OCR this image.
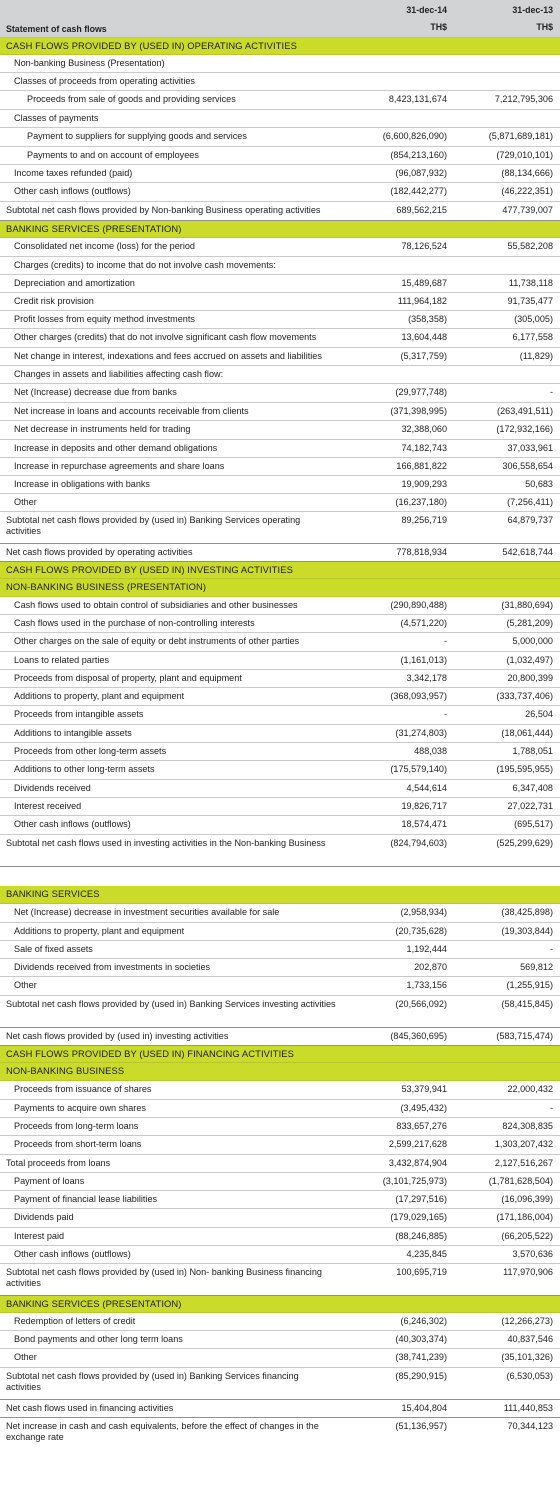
Statement of cash flows
31-dec-14	31-dec-13
TH$	TH$
CASH FLOWS PROVIDED BY (USED IN) OPERATING ACTIVITIES
Non-banking Business (Presentation)
Classes of proceeds from operating activities
Proceeds from sale of goods and providing services	8,423,131,674	7,212,795,306
Classes of payments
Payment to suppliers for supplying goods and services	(6,600,826,090)	(5,871,689,181)
Payments to and on account of employees	(854,213,160)	(729,010,101)
Income taxes refunded (paid)	(96,087,932)	(88,134,666)
Other cash inflows (outflows)	(182,442,277)	(46,222,351)
Subtotal net cash flows provided by Non-banking Business operating activities	689,562,215	477,739,007
BANKING SERVICES (PRESENTATION)
Consolidated net income (loss) for the period	78,126,524	55,582,208
Charges (credits) to income that do not involve cash movements:
Depreciation and amortization	15,489,687	11,738,118
Credit risk provision	111,964,182	91,735,477
Profit losses from equity method investments	(358,358)	(305,005)
Other charges (credits) that do not involve significant cash flow movements	13,604,448	6,177,558
Net change in interest, indexations and fees accrued on assets and liabilities	(5,317,759)	(11,829)
Changes in assets and liabilities affecting cash flow:
Net (Increase) decrease due from banks	(29,977,748)	-
Net increase in loans and accounts receivable from clients	(371,398,995)	(263,491,511)
Net decrease in instruments held for trading	32,388,060	(172,932,166)
Increase in deposits and other demand obligations	74,182,743	37,033,961
Increase in repurchase agreements and share loans	166,881,822	306,558,654
Increase in obligations with banks	19,909,293	50,683
Other	(16,237,180)	(7,256,411)
Subtotal net cash flows provided by (used in) Banking Services operating activities
89,256,719	64,879,737
Net cash flows provided by operating activities	778,818,934	542,618,744
CASH FLOWS PROVIDED BY (USED IN) INVESTING ACTIVITIES
NON-BANKING BUSINESS (PRESENTATION)
Cash flows used to obtain control of subsidiaries and other businesses	(290,890,488)	(31,880,694)
Cash flows used in the purchase of non-controlling interests	(4,571,220)	(5,281,209)
Other charges on the sale of equity or debt instruments of other parties	-	5,000,000
Loans to related parties	(1,161,013)	(1,032,497)
Proceeds from disposal of property, plant and equipment	3,342,178	20,800,399
Additions to property, plant and equipment	(368,093,957)	(333,737,406)
Proceeds from intangible assets	-	26,504
Additions to intangible assets	(31,274,803)	(18,061,444)
Proceeds from other long-term assets	488,038	1,788,051
Additions to other long-term assets	(175,579,140)	(195,595,955)
Dividends received	4,544,614	6,347,408
Interest received	19,826,717	27,022,731
Other cash inflows (outflows)	18,574,471	(695,517)
Subtotal net cash flows used in investing activities in the Non-banking Business	(824,794,603)	(525,299,629)
BANKING SERVICES
Net (Increase) decrease in investment securities available for sale	(2,958,934)	(38,425,898)
Additions to property, plant and equipment	(20,735,628)	(19,303,844)
Sale of fixed assets	1,192,444	-
Dividends received from investments in societies	202,870	569,812
Other	1,733,156	(1,255,915)
Subtotal net cash flows provided by (used in) Banking Services investing activities	(20,566,092)	(58,415,845)
Net cash flows provided by (used in) investing activities	(845,360,695)	(583,715,474)
CASH FLOWS PROVIDED BY (USED IN) FINANCING ACTIVITIES
NON-BANKING BUSINESS
Proceeds from issuance of shares	53,379,941	22,000,432
Payments to acquire own shares	(3,495,432)	-
Proceeds from long-term loans	833,657,276	824,308,835
Proceeds from short-term loans	2,599,217,628	1,303,207,432
Total proceeds from loans	3,432,874,904	2,127,516,267
Payment of loans	(3,101,725,973)	(1,781,628,504)
Payment of financial lease liabilities	(17,297,516)	(16,096,399)
Dividends paid	(179,029,165)	(171,186,004)
Interest paid	(88,246,885)	(66,205,522)
Other cash inflows (outflows)	4,235,845	3,570,636
Subtotal net cash flows provided by (used in) Non- banking Business financing activities
100,695,719	117,970,906
BANKING SERVICES (PRESENTATION)
Redemption of letters of credit	(6,246,302)	(12,266,273)
Bond payments and other long term loans	(40,303,374)	40,837,546
Other	(38,741,239)	(35,101,326)
Subtotal net cash flows provided by (used in) Banking Services financing activities
(85,290,915)	(6,530,053)
Net cash flows used in financing activities	15,404,804	111,440,853
Net increase in cash and cash equivalents, before the effect of changes in the exchange rate
(51,136,957)	70,344,123
